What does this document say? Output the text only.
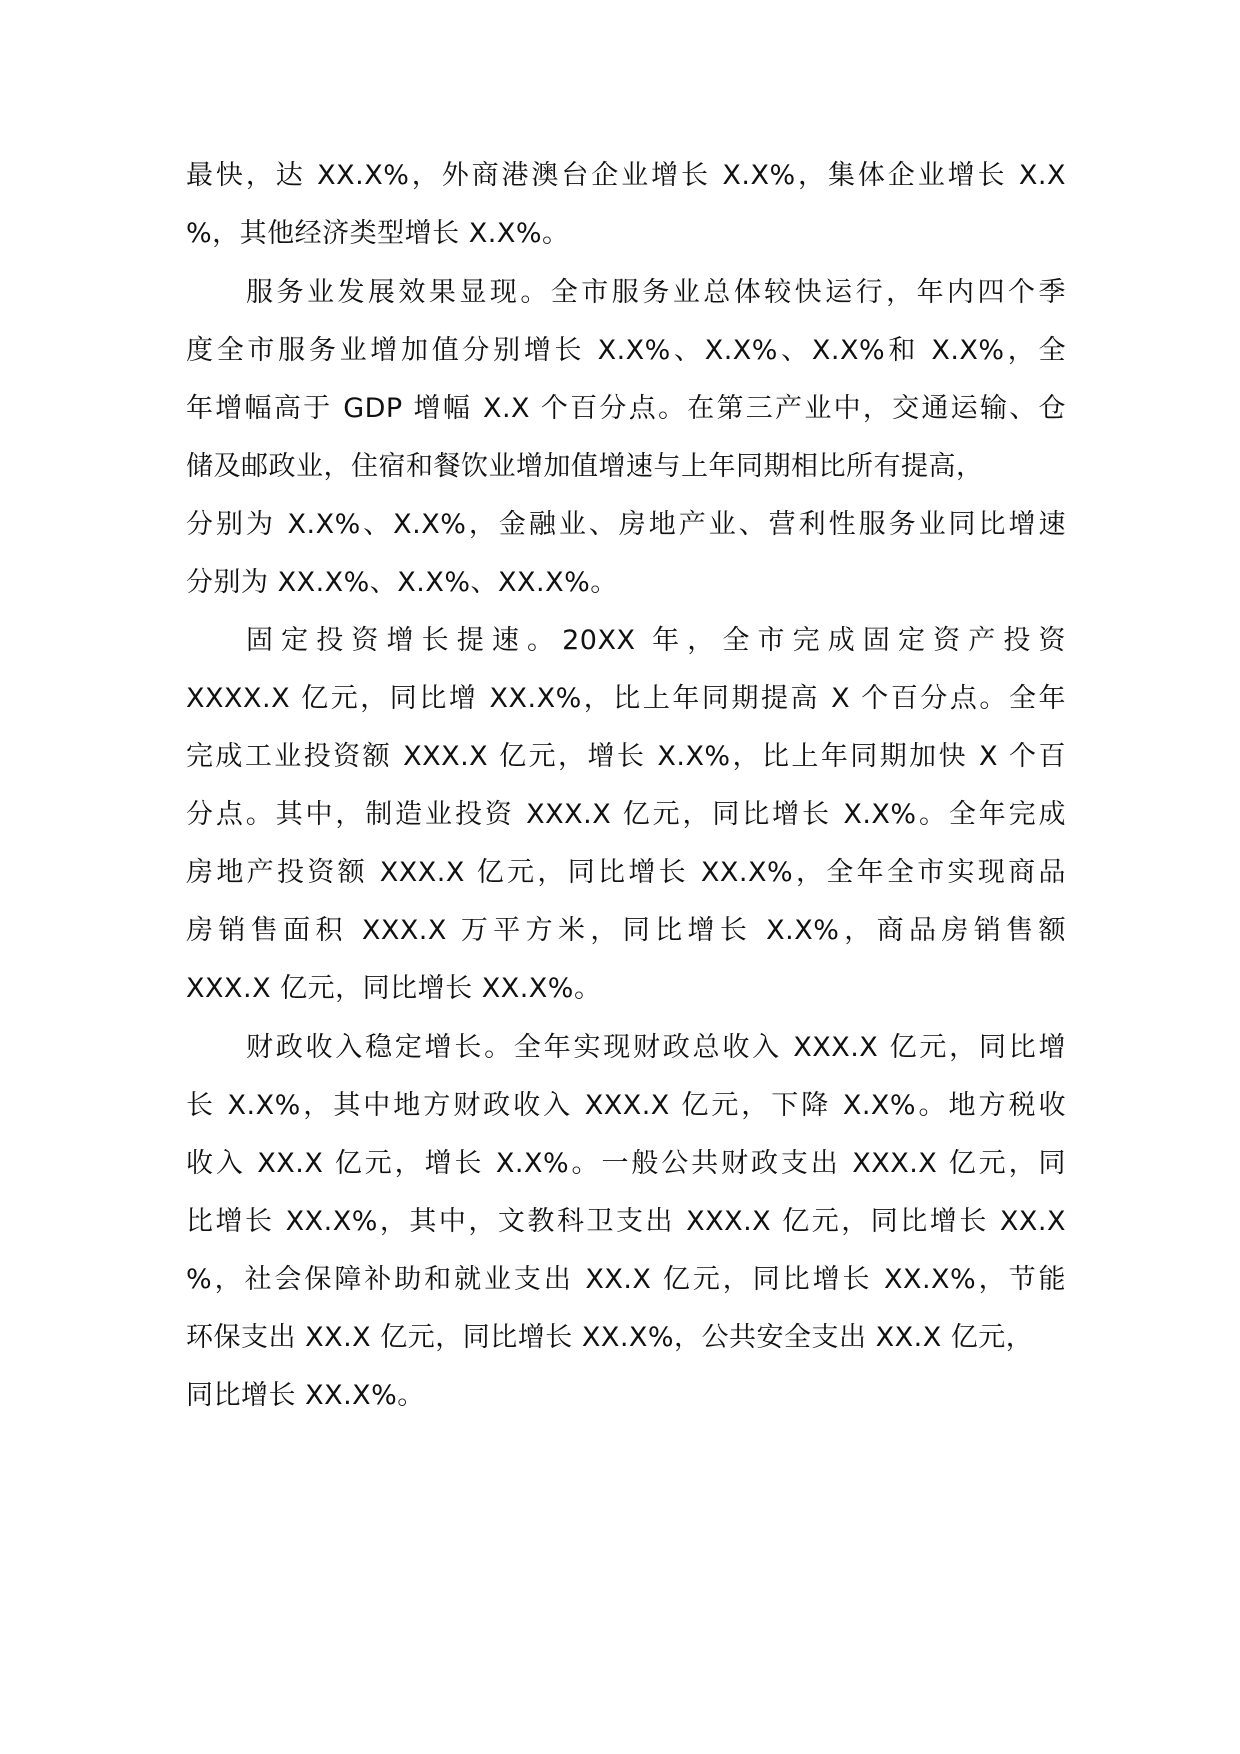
最快，达 XX.X%，外商港澳台企业增长 X.X%，集体企业增长 X.X

%，其他经济类型增长 X.X%。

服务业发展效果显现。全市服务业总体较快运行，年内四个季

度全市服务业增加值分别增长 X.X%、X.X%、X.X%和 X.X%，全

年增幅高于 GDP 增幅 X.X 个百分点。在第三产业中，交通运输、仓

储及邮政业，住宿和餐饮业增加值增速与上年同期相比所有提高，

分别为 X.X%、X.X%，金融业、房地产业、营利性服务业同比增速

分别为 XX.X%、X.X%、XX.X%。

固定投资增长提速。20XX 年，全市完成固定资产投资

XXXX.X 亿元，同比增 XX.X%，比上年同期提高 X 个百分点。全年

完成工业投资额 XXX.X 亿元，增长 X.X%，比上年同期加快 X 个百

分点。其中，制造业投资 XXX.X 亿元，同比增长 X.X%。全年完成

房地产投资额 XXX.X 亿元，同比增长 XX.X%，全年全市实现商品

房销售面积 XXX.X 万平方米，同比增长 X.X%，商品房销售额

XXX.X 亿元，同比增长 XX.X%。

财政收入稳定增长。全年实现财政总收入 XXX.X 亿元，同比增

长 X.X%，其中地方财政收入 XXX.X 亿元，下降 X.X%。地方税收

收入 XX.X 亿元，增长 X.X%。一般公共财政支出 XXX.X 亿元，同

比增长 XX.X%，其中，文教科卫支出 XXX.X 亿元，同比增长 XX.X

%，社会保障补助和就业支出 XX.X 亿元，同比增长 XX.X%，节能

环保支出 XX.X 亿元，同比增长 XX.X%，公共安全支出 XX.X 亿元，

同比增长 XX.X%。
